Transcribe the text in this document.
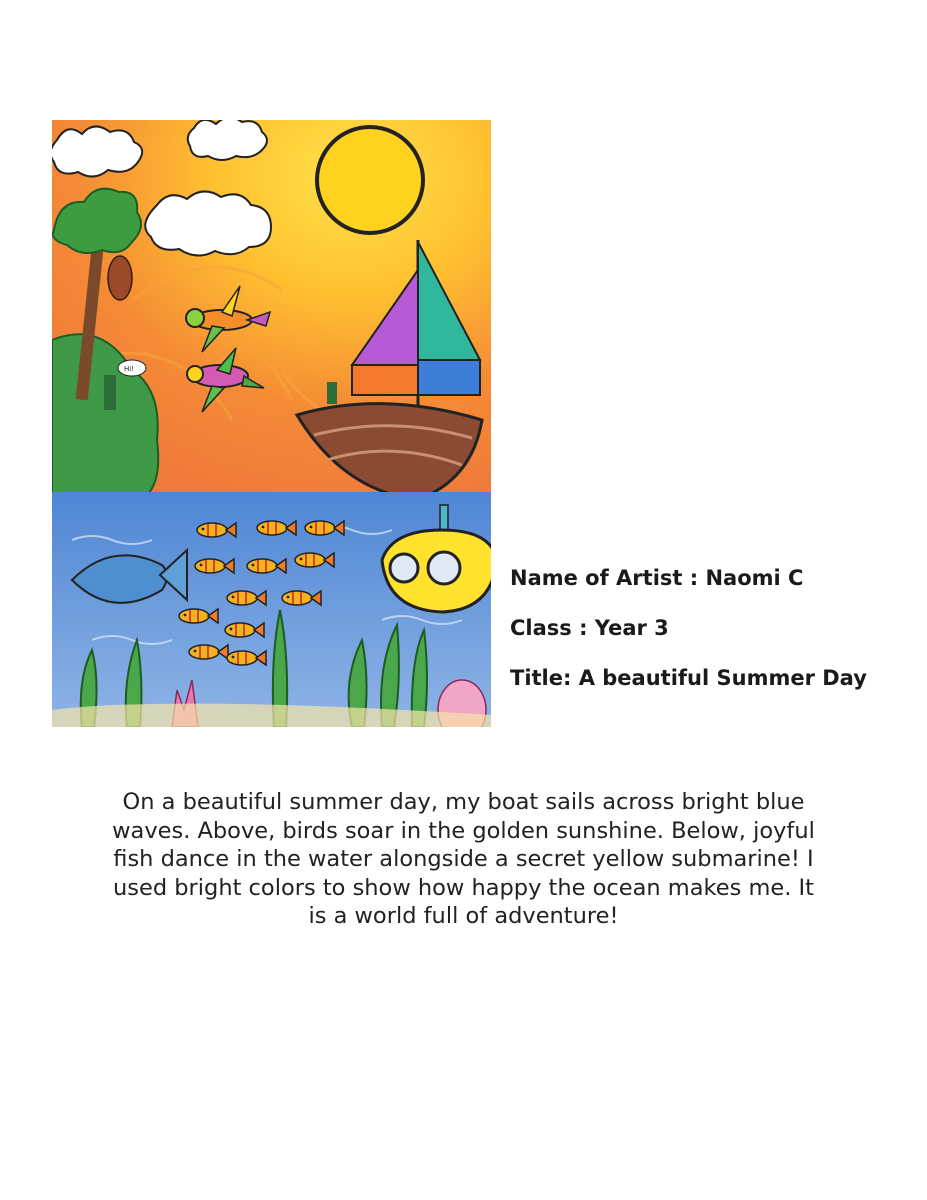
Hi!
Name of Artist : Naomi C
Class : Year 3
Title: A beautiful Summer Day
On a beautiful summer day, my boat sails across bright blue waves. Above, birds soar in the golden sunshine. Below, joyful fish dance in the water alongside a secret yellow submarine! I used bright colors to show how happy the ocean makes me. It is a world full of adventure!
